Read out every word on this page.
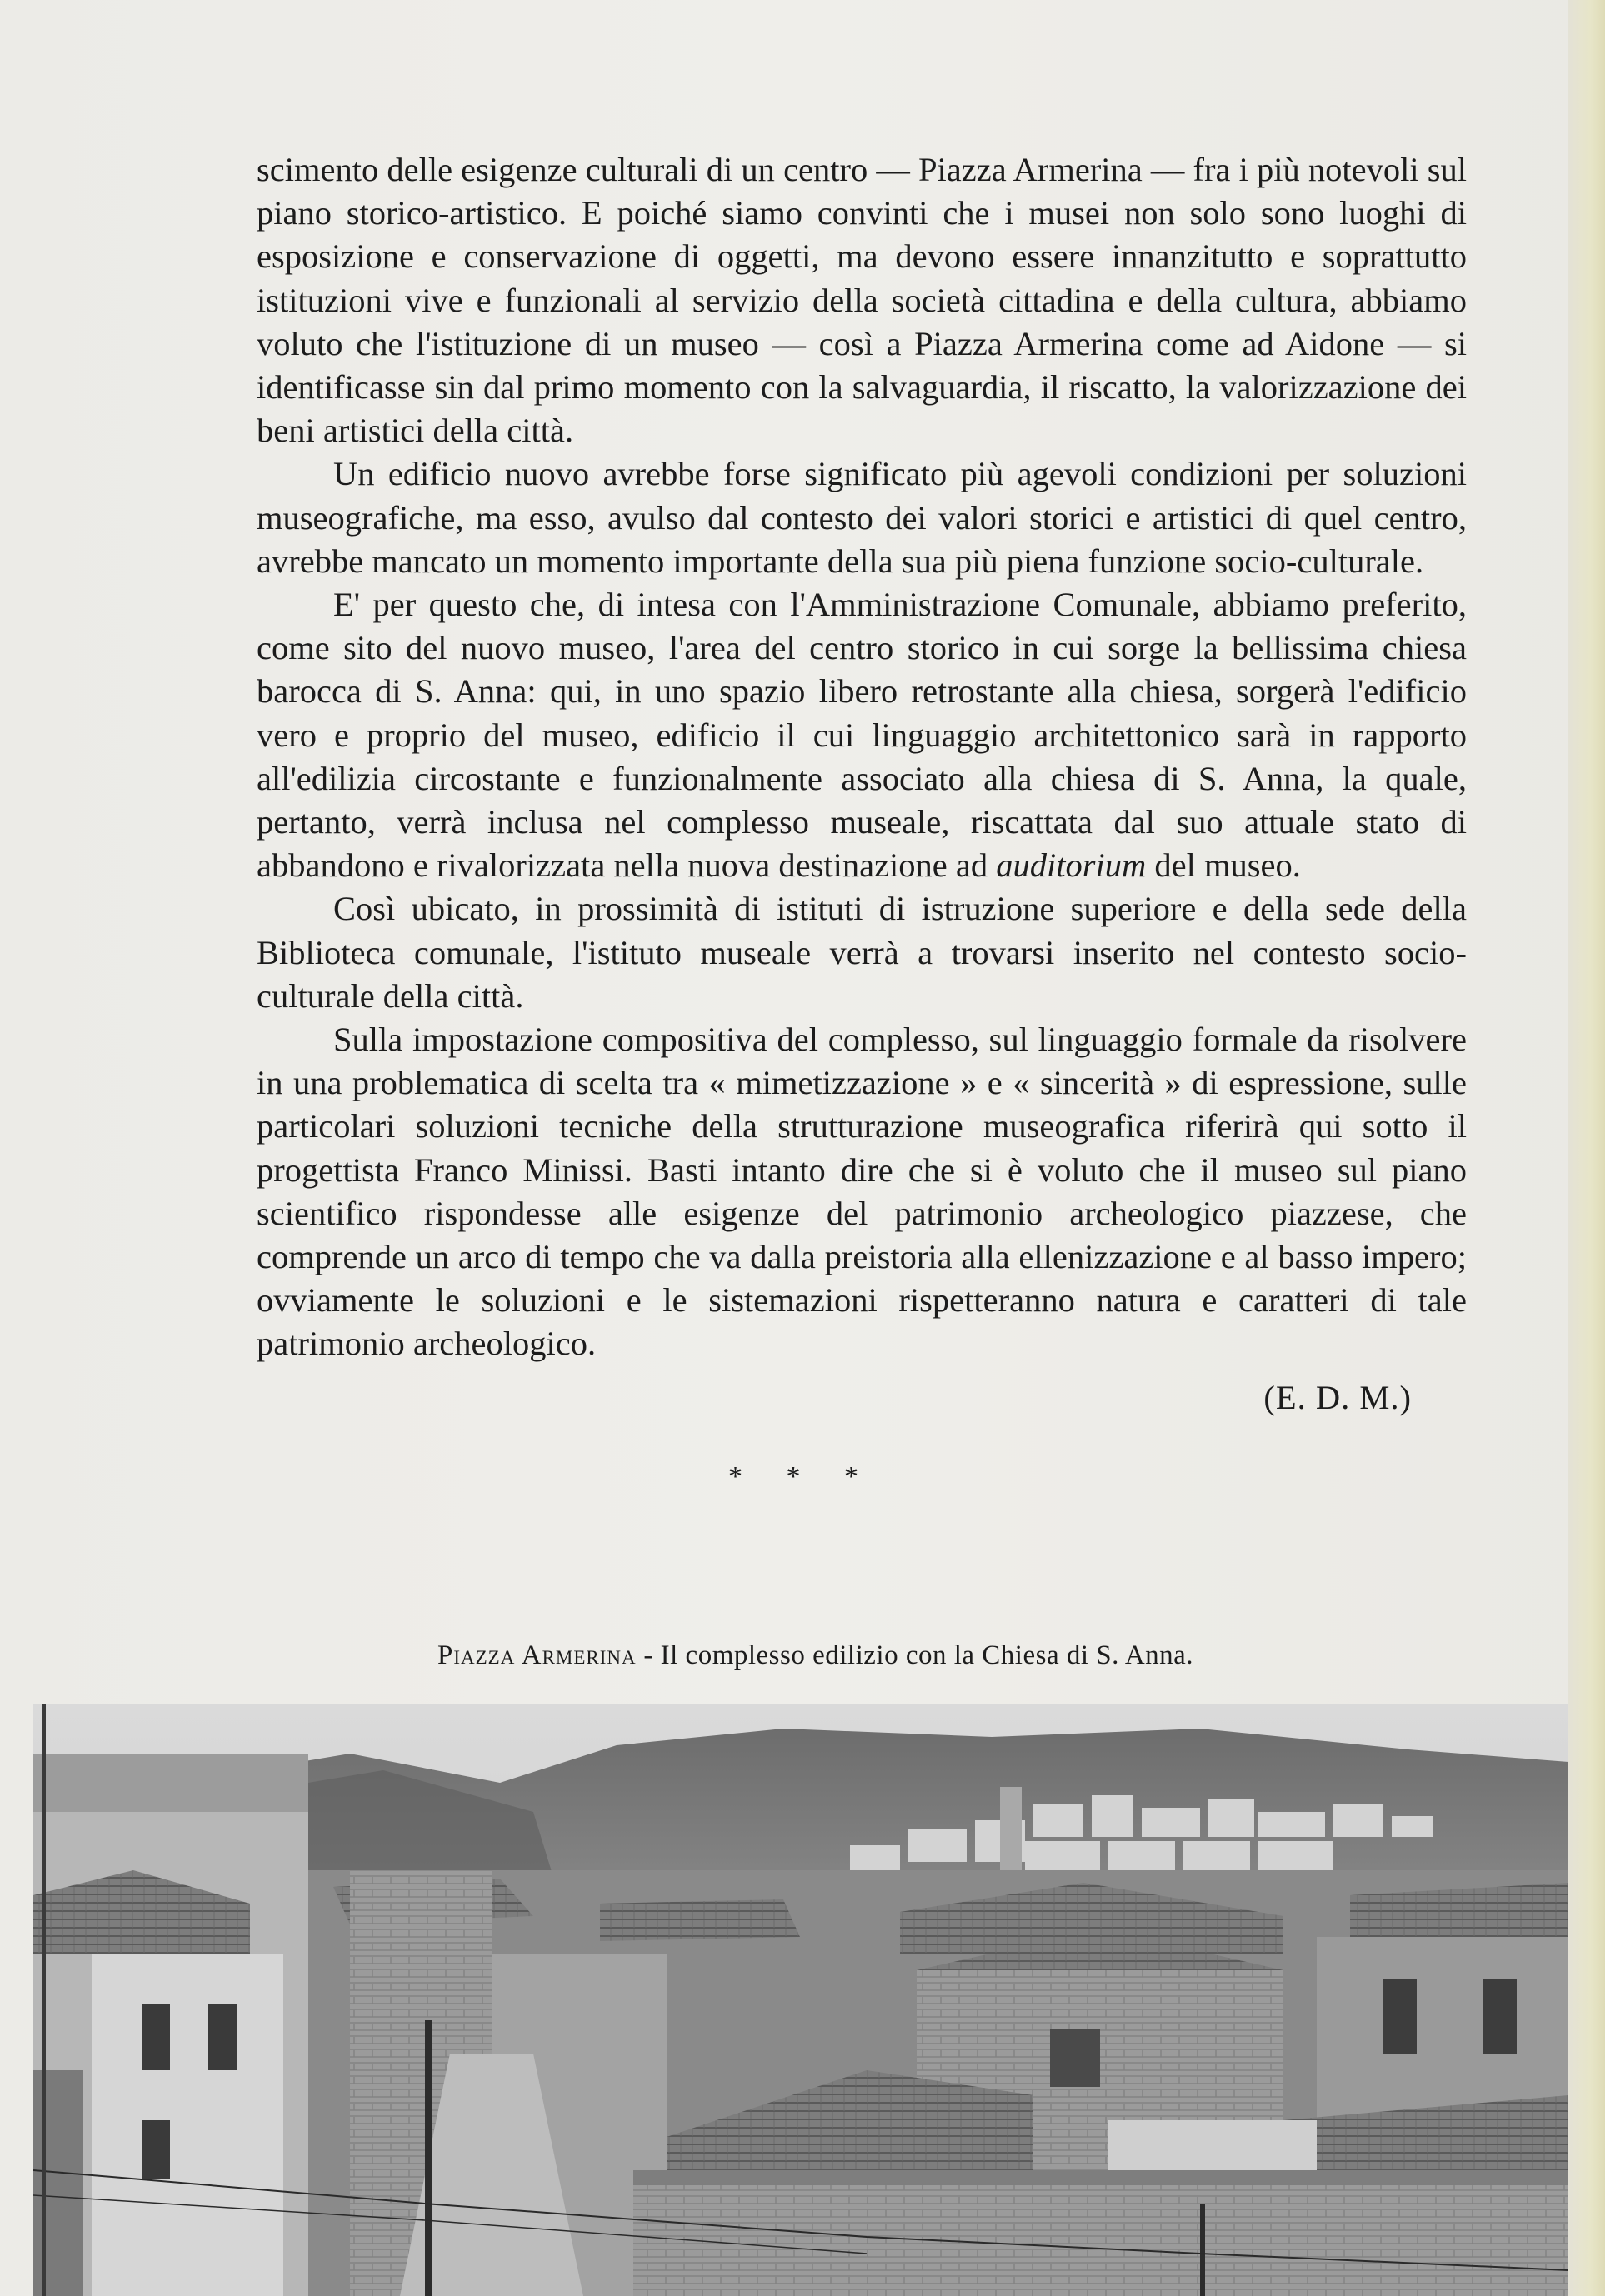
scimento delle esigenze culturali di un centro — Piazza Armerina — fra i più notevoli sul piano storico-artistico. E poiché siamo convinti che i musei non solo sono luoghi di esposizione e conservazione di oggetti, ma devono essere innanzitutto e soprattutto istituzioni vive e funzionali al servizio della società cittadina e della cultura, abbiamo voluto che l'istituzione di un museo — così a Piazza Armerina come ad Aidone — si identificasse sin dal primo momento con la salvaguardia, il riscatto, la valorizzazione dei beni artistici della città.

Un edificio nuovo avrebbe forse significato più agevoli condizioni per soluzioni museografiche, ma esso, avulso dal contesto dei valori storici e artistici di quel centro, avrebbe mancato un momento importante della sua più piena funzione socio-culturale.

E' per questo che, di intesa con l'Amministrazione Comunale, abbiamo preferito, come sito del nuovo museo, l'area del centro storico in cui sorge la bellissima chiesa barocca di S. Anna: qui, in uno spazio libero retrostante alla chiesa, sorgerà l'edificio vero e proprio del museo, edificio il cui linguaggio architettonico sarà in rapporto all'edilizia circostante e funzionalmente associato alla chiesa di S. Anna, la quale, pertanto, verrà inclusa nel complesso museale, riscattata dal suo attuale stato di abbandono e rivalorizzata nella nuova destinazione ad auditorium del museo.

Così ubicato, in prossimità di istituti di istruzione superiore e della sede della Biblioteca comunale, l'istituto museale verrà a trovarsi inserito nel contesto socio-culturale della città.

Sulla impostazione compositiva del complesso, sul linguaggio formale da risolvere in una problematica di scelta tra « mimetizzazione » e « sincerità » di espressione, sulle particolari soluzioni tecniche della strutturazione museografica riferirà qui sotto il progettista Franco Minissi. Basti intanto dire che si è voluto che il museo sul piano scientifico rispondesse alle esigenze del patrimonio archeologico piazzese, che comprende un arco di tempo che va dalla preistoria alla ellenizzazione e al basso impero; ovviamente le soluzioni e le sistemazioni rispetteranno natura e caratteri di tale patrimonio archeologico.

(E. D. M.)
* * *
Piazza Armerina - Il complesso edilizio con la Chiesa di S. Anna.
